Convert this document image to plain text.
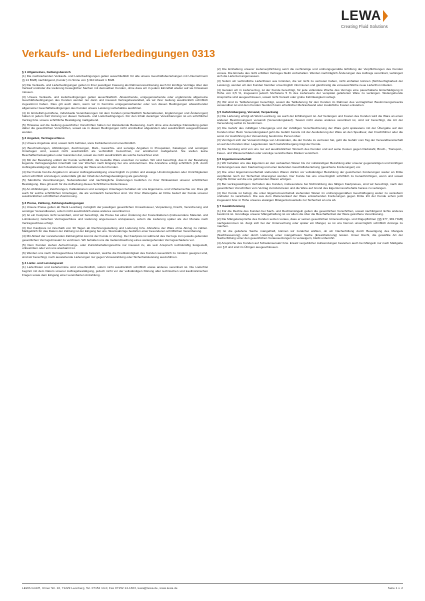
LEWA
Creating Fluid Solutions
Verkaufs- und Lieferbedingungen 0313
§ 1 Allgemeines, Geltungsbereich
(1) Die nachstehenden Verkaufs- und Lieferbedingungen gelten ausschließlich für alle unsere Geschäftsbeziehungen mit Unternehmern (§ 14 BGB) nachfolgend „Kunde“) im Sinne von § 310 Absatz 1 BGB.
(2) Die Verkaufs- und Lieferbedingungen gelten in ihrer jeweiligen Fassung als Rahmenvereinbarung auch für künftige Verträge über den Verkauf und/oder die Lieferung beweglicher Sachen mit demselben Kunden, ohne dass wir in jedem Einzelfall wieder auf sie hinweisen müssen.
(3) Unsere Verkaufs- und Lieferbedingungen gelten ausschließlich. Abweichende, entgegenstehende oder ergänzende allgemeine Geschäftsbedingungen des Kunden werden nur dann und insoweit Vertragsbestandteil, als wir ihrer Geltung ausdrücklich schriftlich zugestimmt haben. Dies gilt auch dann, wenn wir in Kenntnis entgegenstehender oder von diesen Bedingungen abweichender allgemeiner Geschäftsbedingungen des Kunden unsere Leistung vorbehaltlos ausführen.
(4) Im Einzelfall getroffene, individuelle Vereinbarungen mit dem Kunden (einschließlich Nebenabreden, Ergänzungen und Änderungen) haben in jedem Fall Vorrang vor diesen Verkaufs- und Lieferbedingungen. Für den Inhalt derartiger Vereinbarungen ist ein schriftlicher Vertrag bzw. unsere schriftliche Bestätigung maßgebend.
(5) Hinweise auf die Geltung gesetzlicher Vorschriften haben nur klarstellende Bedeutung. Auch ohne eine derartige Klarstellung gelten daher die gesetzlichen Vorschriften, soweit sie in diesen Bedingungen nicht unmittelbar abgeändert oder ausdrücklich ausgeschlossen werden.
§ 2 Angebot, Vertragsschluss
(1) Unsere Angebote sind, soweit nicht befristet, stets freibleibend und unverbindlich.
(2) Beschreibungen, Abbildungen, Zeichnungen, Maß-, Gewichts- und sonstige Angaben in Prospekten, Katalogen und sonstigen Unterlagen sind, soweit nicht ausdrücklich als verbindlich bezeichnet, nur annähernd maßgebend. Sie stellen keine Beschaffenheitsangaben oder Garantien dar, soweit sie nicht ausdrücklich als solche bezeichnet sind.
(3) Mit der Bestellung erklärt der Kunde verbindlich, die bestellte Ware erwerben zu wollen. Wir sind berechtigt, das in der Bestellung liegende Vertragsangebot innerhalb von vier Wochen nach Eingang bei uns anzunehmen. Die Annahme erfolgt schriftlich (z.B. durch Auftragsbestätigung) oder durch Auslieferung der Ware an den Kunden.
(4) Der Kunde hat die Angaben in unserer Auftragsbestätigung unverzüglich zu prüfen und etwaige Unstimmigkeiten oder Unrichtigkeiten sofort schriftlich anzuzeigen; andernfalls gilt der Inhalt der Auftragsbestätigung als genehmigt.
(5) Sämtliche Vereinbarungen, Nebenabreden und nachträgliche Änderungen bedürfen zu ihrer Wirksamkeit unserer schriftlichen Bestätigung. Dies gilt auch für die Aufhebung dieses Schriftformerfordernisses.
(6) An Abbildungen, Zeichnungen, Kalkulationen und sonstigen Unterlagen behalten wir uns Eigentums- und Urheberrechte vor. Dies gilt auch für solche schriftlichen Unterlagen, die als vertraulich bezeichnet sind. Vor ihrer Weitergabe an Dritte bedarf der Kunde unserer ausdrücklichen schriftlichen Zustimmung.
§ 3 Preise, Zahlung, Zahlungsbedingungen
(1) Unsere Preise gelten ab Werk Leonberg zuzüglich der jeweiligen gesetzlichen Umsatzsteuer, Verpackung, Fracht, Versicherung und sonstiger Versandkosten, sofern nicht ausdrücklich etwas anderes vereinbart ist.
(2) Ist ein Festpreis nicht vereinbart, sind wir berechtigt, die Preise bei einer Änderung der Kostenfaktoren (insbesondere Material- und Lohnkosten) zwischen Vertragsschluss und Lieferung angemessen anzupassen, sofern die Lieferung später als vier Monate nach Vertragsschluss erfolgt.
(3) Der Kaufpreis ist innerhalb von 30 Tagen ab Rechnungsstellung und Lieferung bzw. Abnahme der Ware ohne Abzug zu zahlen. Maßgeblich für das Datum der Zahlung ist der Eingang bei uns. Skontoabzüge bedürfen einer besonderen schriftlichen Vereinbarung.
(4) Mit Ablauf der vorstehenden Zahlungsfrist kommt der Kunde in Verzug. Der Kaufpreis ist während des Verzugs zum jeweils geltenden gesetzlichen Verzugszinssatz zu verzinsen. Wir behalten uns die Geltendmachung eines weitergehenden Verzugsschadens vor.
(5) Dem Kunden stehen Aufrechnungs- oder Zurückbehaltungsrechte nur insoweit zu, als sein Anspruch rechtskräftig festgestellt, unbestritten oder von uns anerkannt ist.
(6) Werden uns nach Vertragsschluss Umstände bekannt, welche die Kreditwürdigkeit des Kunden wesentlich zu mindern geeignet sind, sind wir berechtigt, noch ausstehende Lieferungen nur gegen Vorauszahlung oder Sicherheitsleistung auszuführen.
§ 4 Liefer- und Leistungszeit
(1) Lieferfristen und Liefertermine sind unverbindlich, sofern nicht ausdrücklich schriftlich etwas anderes vereinbart ist. Die Lieferfrist beginnt mit dem Datum unserer Auftragsbestätigung, jedoch nicht vor der vollständigen Klärung aller technischen und kaufmännischen Fragen sowie dem Eingang einer vereinbarten Anzahlung.
(2) Die Einhaltung unserer Lieferverpflichtung setzt die rechtzeitige und ordnungsgemäße Erfüllung der Verpflichtungen des Kunden voraus. Die Einrede des nicht erfüllten Vertrages bleibt vorbehalten. Werden nachträglich Änderungen des Auftrags vereinbart, verlängert sich die Lieferzeit angemessen.
(3) Sofern wir verbindliche Lieferfristen aus Gründen, die wir nicht zu vertreten haben, nicht einhalten können (Nichtverfügbarkeit der Leistung), werden wir den Kunden hierüber unverzüglich informieren und gleichzeitig die voraussichtliche neue Lieferfrist mitteilen.
(4) Geraten wir in Lieferverzug, ist der Kunde berechtigt, für jede vollendete Woche des Verzugs eine pauschalierte Entschädigung in Höhe von 0,5 %, insgesamt jedoch höchstens 5 % des Lieferwerts der verspätet gelieferten Ware zu verlangen. Weitergehende Ansprüche sind ausgeschlossen, soweit nicht Vorsatz oder grobe Fahrlässigkeit vorliegt.
(5) Wir sind zu Teillieferungen berechtigt, soweit die Teillieferung für den Kunden im Rahmen des vertraglichen Bestimmungszwecks verwendbar ist und dem Kunden hierdurch kein erheblicher Mehraufwand oder zusätzliche Kosten entstehen.
§ 5 Gefahrübergang, Versand, Verpackung
(1) Die Lieferung erfolgt ab Werk Leonberg, wo auch der Erfüllungsort ist. Auf Verlangen und Kosten des Kunden wird die Ware an einen anderen Bestimmungsort versandt (Versendungskauf). Soweit nicht etwas anderes vereinbart ist, sind wir berechtigt, die Art der Versendung selbst zu bestimmen.
(2) Die Gefahr des zufälligen Untergangs und der zufälligen Verschlechterung der Ware geht spätestens mit der Übergabe auf den Kunden über. Beim Versendungskauf geht die Gefahr bereits mit der Auslieferung der Ware an den Spediteur, den Frachtführer oder die sonst zur Ausführung der Versendung bestimmte Person über.
(3) Verzögert sich der Versand infolge von Umständen, die der Kunde zu vertreten hat, geht die Gefahr vom Tag der Versandbereitschaft an auf den Kunden über. Lagerkosten nach Gefahrübergang trägt der Kunde.
(4) Die Sendung wird von uns nur auf ausdrücklichen Wunsch des Kunden und auf seine Kosten gegen Diebstahl, Bruch-, Transport-, Feuer- und Wasserschäden oder sonstige versicherbare Risiken versichert.
§ 6 Eigentumsvorbehalt
(1) Wir behalten uns das Eigentum an den verkauften Waren bis zur vollständigen Bezahlung aller unserer gegenwärtigen und künftigen Forderungen aus dem Kaufvertrag und einer laufenden Geschäftsbeziehung (gesicherte Forderungen) vor.
(2) Die unter Eigentumsvorbehalt stehenden Waren dürfen vor vollständiger Bezahlung der gesicherten Forderungen weder an Dritte verpfändet noch zur Sicherheit übereignet werden. Der Kunde hat uns unverzüglich schriftlich zu benachrichtigen, wenn und soweit Zugriffe Dritter auf die uns gehörenden Waren erfolgen.
(3) Bei vertragswidrigem Verhalten des Kunden, insbesondere bei Nichtzahlung des fälligen Kaufpreises, sind wir berechtigt, nach den gesetzlichen Vorschriften vom Vertrag zurückzutreten und die Ware auf Grund des Eigentumsvorbehalts heraus zu verlangen.
(4) Der Kunde ist befugt, die unter Eigentumsvorbehalt stehenden Waren im ordnungsgemäßen Geschäftsgang weiter zu veräußern und/oder zu verarbeiten. Die aus dem Weiterverkauf der Ware entstehenden Forderungen gegen Dritte tritt der Kunde schon jetzt insgesamt bzw. in Höhe unseres etwaigen Miteigentumsanteils zur Sicherheit an uns ab.
§ 7 Gewährleistung
(1) Für die Rechte des Kunden bei Sach- und Rechtsmängeln gelten die gesetzlichen Vorschriften, soweit nachfolgend nichts anderes bestimmt ist. Grundlage unserer Mängelhaftung ist vor allem die über die Beschaffenheit der Ware getroffene Vereinbarung.
(2) Die Mängelansprüche des Kunden setzen voraus, dass er seinen gesetzlichen Untersuchungs- und Rügepflichten (§§ 377, 381 HGB) nachgekommen ist. Zeigt sich bei der Untersuchung oder später ein Mangel, so ist uns hiervon unverzüglich schriftlich Anzeige zu machen.
(3) Ist die gelieferte Sache mangelhaft, können wir zunächst wählen, ob wir Nacherfüllung durch Beseitigung des Mangels (Nachbesserung) oder durch Lieferung einer mangelfreien Sache (Ersatzlieferung) leisten. Unser Recht, die gewählte Art der Nacherfüllung unter den gesetzlichen Voraussetzungen zu verweigern, bleibt unberührt.
(4) Ansprüche des Kunden auf Schadensersatz bzw. Ersatz vergeblicher Aufwendungen bestehen auch bei Mängeln nur nach Maßgabe von § 8 und sind im Übrigen ausgeschlossen.
LEWA GmbH, Ulmer Str. 10, 71229 Leonberg, Tel. 07152 14-0, Fax 07152 14-1303, lewa@lewa.de, www.lewa.de	Seite 1 v. 2
